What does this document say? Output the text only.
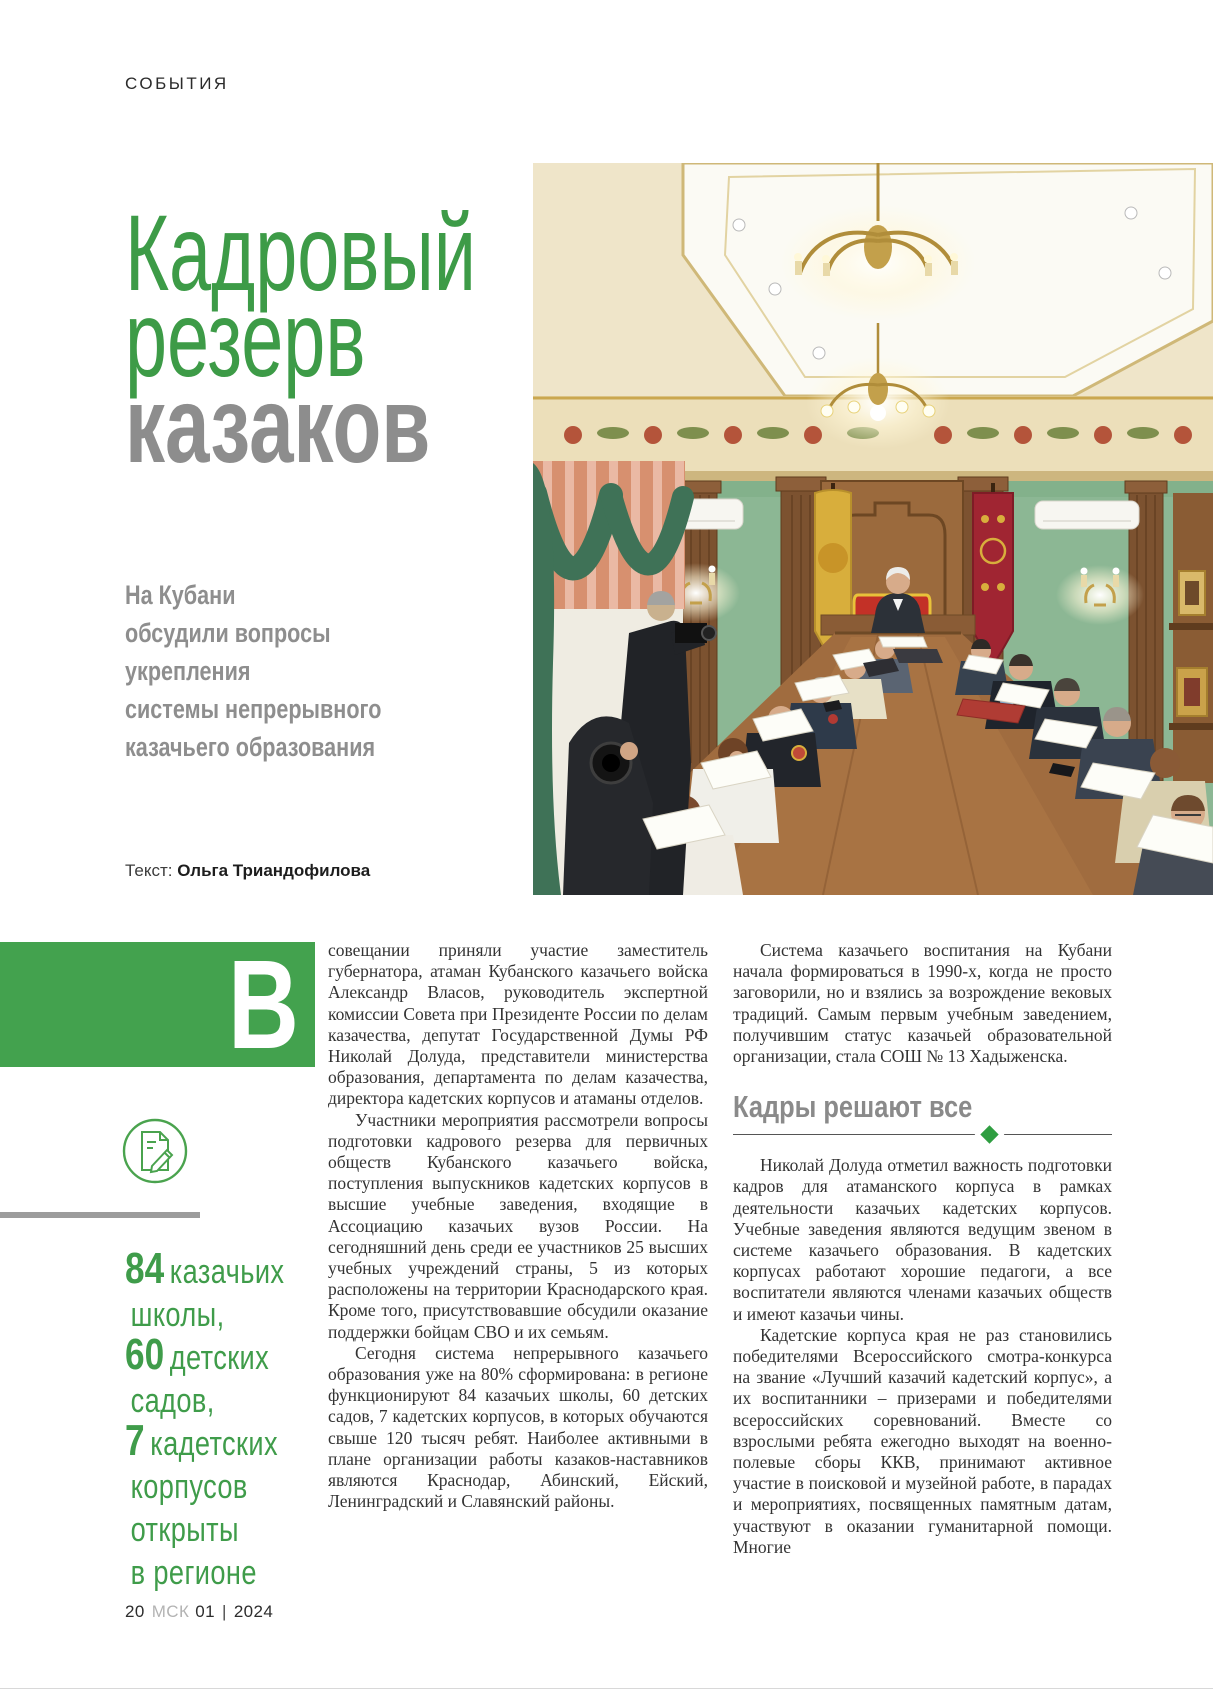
СОБЫТИЯ
Кадровый
резерв
казаков
На Кубани
обсудили вопросы
укрепления
системы непрерывного
казачьего образования
Текст: Ольга Триандофилова
В совещании приняли участие заместитель губернатора, атаман Кубанского казачьего войска Александр Власов, руководитель экспертной комиссии Совета при Президенте России по делам казачества, депутат Государственной Думы РФ Николай Долуда, представители министерства образования, департамента по делам казачества, директора кадетских корпусов и атаманы отделов.

Участники мероприятия рассмотрели вопросы подготовки кадрового резерва для первичных обществ Кубанского казачьего войска, поступления выпускников кадетских корпусов в высшие учебные заведения, входящие в Ассоциацию казачьих вузов России. На сегодняшний день среди ее участников 25 высших учебных учреждений страны, 5 из которых расположены на территории Краснодарского края. Кроме того, присутствовавшие обсудили оказание поддержки бойцам СВО и их семьям.

Сегодня система непрерывного казачьего образования уже на 80% сформирована: в регионе функционируют 84 казачьих школы, 60 детских садов, 7 кадетских корпусов, в которых обучаются свыше 120 тысяч ребят. Наиболее активными в плане организации работы казаков-наставников являются Краснодар, Абинский, Ейский, Ленинградский и Славянский районы.

Система казачьего воспитания на Кубани начала формироваться в 1990-х, когда не просто заговорили, но и взялись за возрождение вековых традиций. Самым первым учебным заведением, получившим статус казачьей образовательной организации, стала СОШ № 13 Хадыженска.

Кадры решают все

Николай Долуда отметил важность подготовки кадров для атаманского корпуса в рамках деятельности казачьих кадетских корпусов. Учебные заведения являются ведущим звеном в системе казачьего образования. В кадетских корпусах работают хорошие педагоги, а все воспитатели являются членами казачьих обществ и имеют казачьи чины.

Кадетские корпуса края не раз становились победителями Всероссийского смотра-конкурса на звание «Лучший казачий кадетский корпус», а их воспитанники – призерами и победителями всероссийских соревнований. Вместе со взрослыми ребята ежегодно выходят на военно-полевые сборы ККВ, принимают активное участие в поисковой и музейной работе, в парадах и мероприятиях, посвященных памятным датам, участвуют в оказании гуманитарной помощи. Многие

84 казачьих
школы,
60 детских
садов,
7 кадетских
корпусов
открыты
в регионе
20 МСК 01 | 2024
